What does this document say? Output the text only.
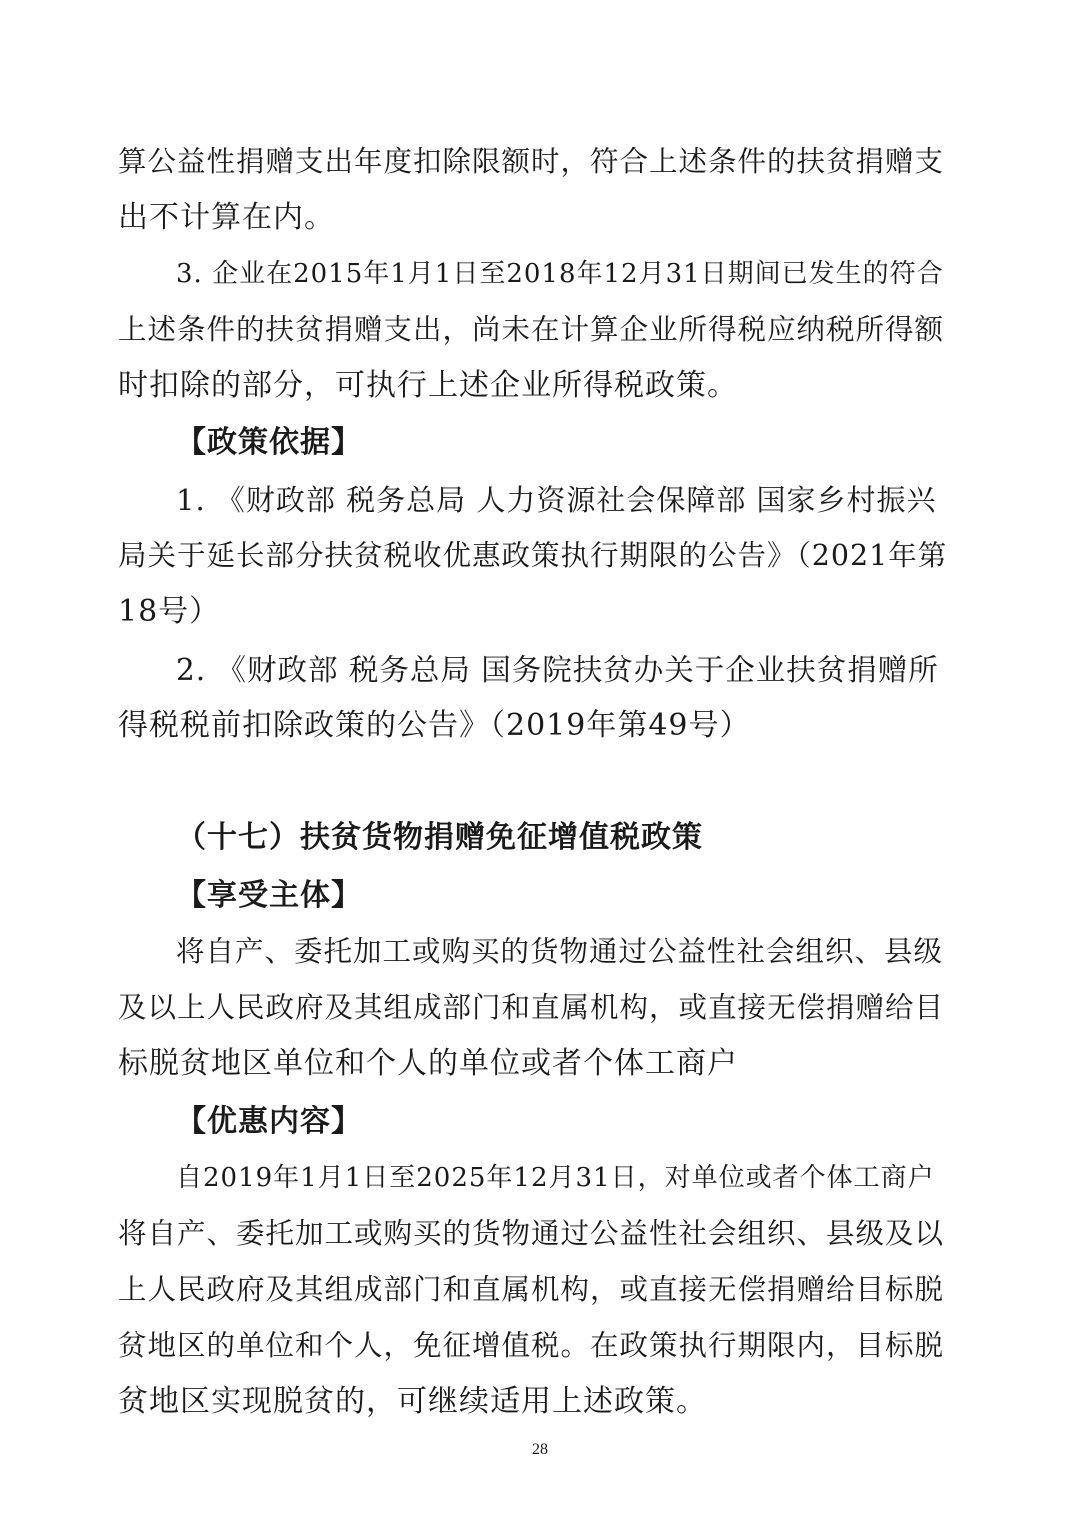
算公益性捐赠支出年度扣除限额时，符合上述条件的扶贫捐赠支
出不计算在内。
3. 企业在2015年1月1日至2018年12月31日期间已发生的符合
上述条件的扶贫捐赠支出，尚未在计算企业所得税应纳税所得额
时扣除的部分，可执行上述企业所得税政策。
【政策依据】
1. 《财政部 税务总局 人力资源社会保障部 国家乡村振兴
局关于延长部分扶贫税收优惠政策执行期限的公告》（2021年第
18号）
2. 《财政部 税务总局 国务院扶贫办关于企业扶贫捐赠所
得税税前扣除政策的公告》（2019年第49号）
（十七）扶贫货物捐赠免征增值税政策
【享受主体】
将自产、委托加工或购买的货物通过公益性社会组织、县级
及以上人民政府及其组成部门和直属机构，或直接无偿捐赠给目
标脱贫地区单位和个人的单位或者个体工商户
【优惠内容】
自2019年1月1日至2025年12月31日，对单位或者个体工商户
将自产、委托加工或购买的货物通过公益性社会组织、县级及以
上人民政府及其组成部门和直属机构，或直接无偿捐赠给目标脱
贫地区的单位和个人，免征增值税。在政策执行期限内，目标脱
贫地区实现脱贫的，可继续适用上述政策。
28
